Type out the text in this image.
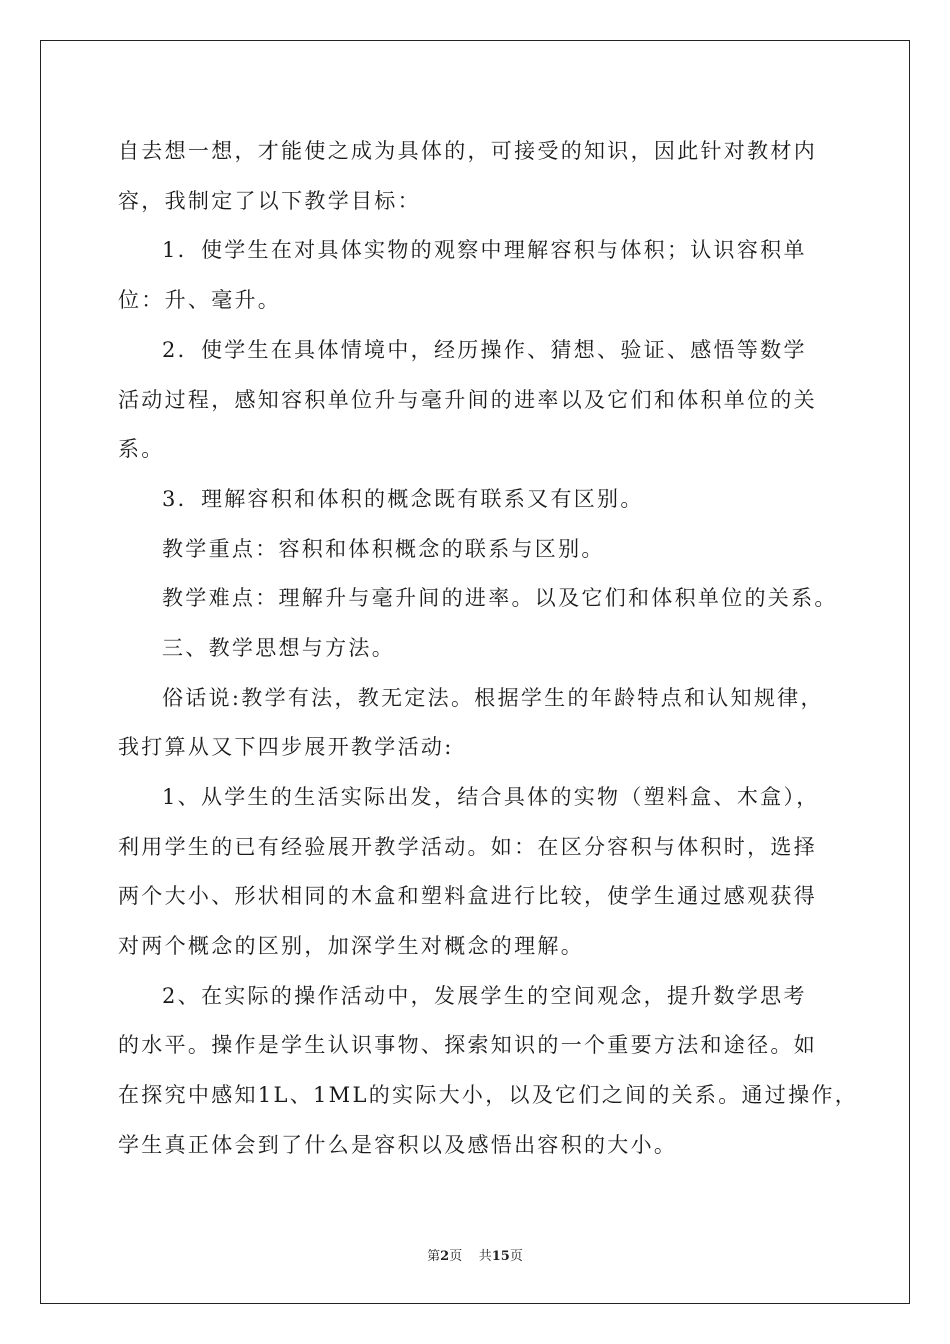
自去想一想，才能使之成为具体的，可接受的知识，因此针对教材内
容，我制定了以下教学目标：
1．使学生在对具体实物的观察中理解容积与体积；认识容积单
位：升、毫升。
2．使学生在具体情境中，经历操作、猜想、验证、感悟等数学
活动过程，感知容积单位升与毫升间的进率以及它们和体积单位的关
系。
3．理解容积和体积的概念既有联系又有区别。
教学重点：容积和体积概念的联系与区别。
教学难点：理解升与毫升间的进率。以及它们和体积单位的关系。
三、教学思想与方法。
俗话说:教学有法，教无定法。根据学生的年龄特点和认知规律，
我打算从又下四步展开教学活动:
1、从学生的生活实际出发，结合具体的实物（塑料盒、木盒），
利用学生的已有经验展开教学活动。如：在区分容积与体积时，选择
两个大小、形状相同的木盒和塑料盒进行比较，使学生通过感观获得
对两个概念的区别，加深学生对概念的理解。
2、在实际的操作活动中，发展学生的空间观念，提升数学思考
的水平。操作是学生认识事物、探索知识的一个重要方法和途径。如
在探究中感知1L、1ML的实际大小，以及它们之间的关系。通过操作，
学生真正体会到了什么是容积以及感悟出容积的大小。
第2页 共15页
